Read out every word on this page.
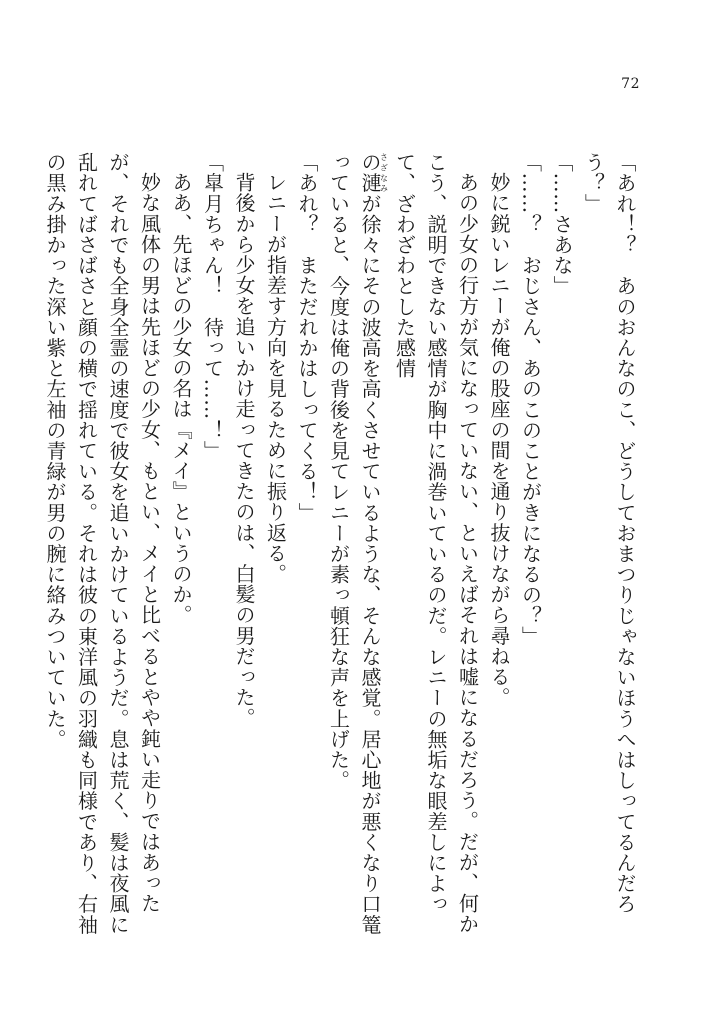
72

「あれ！？　あのおんなのこ、どうしておまつりじゃないほうへはしってるんだろう？」

「……さあな」

「……？　おじさん、あのこのことがきになるの？」

妙に鋭いレニーが俺の股座の間を通り抜けながら尋ねる。

あの少女の行方が気になっていない、といえばそれは嘘になるだろう。だが、何かこう、説明できない感情が胸中に渦巻いているのだ。レニーの無垢な眼差しによって、ざわざわとした感情

の漣さざなみが徐々にその波高を高くさせているような、そんな感覚。居心地が悪くなり口篭っていると、今度は俺の背後を見てレニーが素っ頓狂な声を上げた。

「あれ？　まただれかはしってくる！」

レニーが指差す方向を見るために振り返る。

背後から少女を追いかけ走ってきたのは、白髪の男だった。

「皐月ちゃん！　待って……！」

ああ、先ほどの少女の名は『メイ』というのか。

妙な風体の男は先ほどの少女、もとい、メイと比べるとやや鈍い走りではあったが、それでも全身全霊の速度で彼女を追いかけているようだ。息は荒く、髪は夜風に乱れてばさばさと顔の横で揺れている。それは彼の東洋風の羽織も同様であり、右袖の黒み掛かった深い紫と左袖の青緑が男の腕に絡みついていた。
